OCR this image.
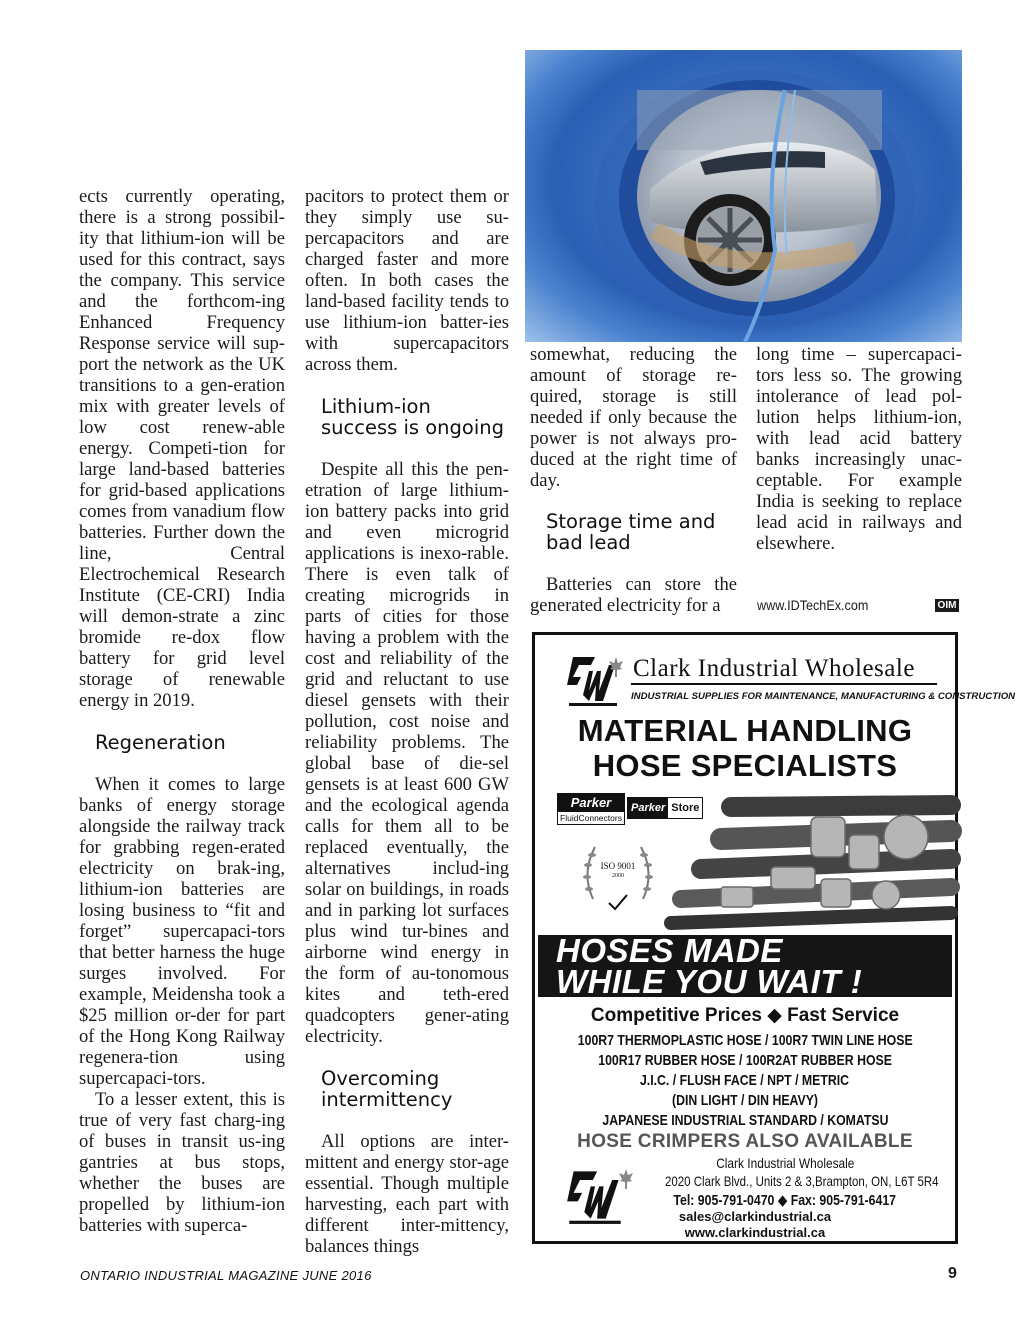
ects currently operating, there is a strong possibil-ity that lithium-ion will be used for this contract, says the company. This service and the forthcom-ing Enhanced Frequency Response service will sup-port the network as the UK transitions to a gen-eration mix with greater levels of low cost renew-able energy. Competi-tion for large land-based batteries for grid-based applications comes from vanadium flow batteries. Further down the line, Central Electrochemical Research Institute (CE-CRI) India will demon-strate a zinc bromide re-dox flow battery for grid level storage of renewable energy in 2019.

Regeneration

When it comes to large banks of energy storage alongside the railway track for grabbing regen-erated electricity on brak-ing, lithium-ion batteries are losing business to “fit and forget” supercapaci-tors that better harness the huge surges involved. For example, Meidensha took a $25 million or-der for part of the Hong Kong Railway regenera-tion using supercapaci-tors.

To a lesser extent, this is true of very fast charg-ing of buses in transit us-ing gantries at bus stops, whether the buses are propelled by lithium-ion batteries with superca-

pacitors to protect them or they simply use su-percapacitors and are charged faster and more often. In both cases the land-based facility tends to use lithium-ion batter-ies with supercapacitors across them.

Lithium-ion success is ongoing

Despite all this the pen-etration of large lithium-ion battery packs into grid and even microgrid applications is inexo-rable. There is even talk of creating microgrids in parts of cities for those having a problem with the cost and reliability of the grid and reluctant to use diesel gensets with their pollution, cost noise and reliability problems. The global base of die-sel gensets is at least 600 GW and the ecological agenda calls for them all to be replaced eventually, the alternatives includ-ing solar on buildings, in roads and in parking lot surfaces plus wind tur-bines and airborne wind energy in the form of au-tonomous kites and teth-ered quadcopters gener-ating electricity.

Overcoming intermittency

All options are inter-mittent and energy stor-age essential. Though multiple harvesting, each part with different inter-mittency, balances things

somewhat, reducing the amount of storage re-quired, storage is still needed if only because the power is not always pro-duced at the right time of day.

Storage time and bad lead

Batteries can store the generated electricity for a

long time – supercapaci-tors less so. The growing intolerance of lead pol-lution helps lithium-ion, with lead acid battery banks increasingly unac-ceptable. For example India is seeking to replace lead acid in railways and elsewhere.

www.IDTechEx.com	OIM
Clark Industrial Wholesale
INDUSTRIAL SUPPLIES FOR MAINTENANCE, MANUFACTURING & CONSTRUCTION
MATERIAL HANDLING
HOSE SPECIALISTS
Parker
FluidConnectors
Parker Store
ISO 9001
2000
HOSES MADE
WHILE YOU WAIT !
Competitive Prices ◆ Fast Service
100R7 THERMOPLASTIC HOSE / 100R7 TWIN LINE HOSE
100R17 RUBBER HOSE / 100R2AT RUBBER HOSE
J.I.C. / FLUSH FACE / NPT / METRIC
(DIN LIGHT / DIN HEAVY)
JAPANESE INDUSTRIAL STANDARD / KOMATSU
HOSE CRIMPERS ALSO AVAILABLE
Clark Industrial Wholesale
2020 Clark Blvd., Units 2 & 3,Brampton, ON, L6T 5R4
Tel: 905-791-0470 ◆ Fax: 905-791-6417
sales@clarkindustrial.ca
www.clarkindustrial.ca
ONTARIO INDUSTRIAL MAGAZINE JUNE 2016	9
